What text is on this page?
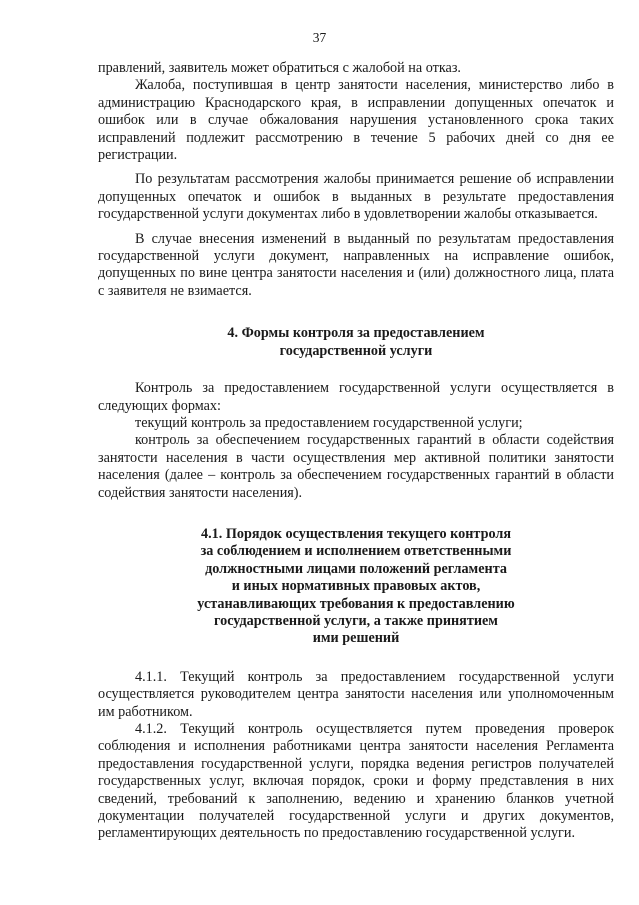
37

правлений, заявитель может обратиться с жалобой на отказ.

Жалоба, поступившая в центр занятости населения, министерство либо в администрацию Краснодарского края, в исправлении допущенных опечаток и ошибок или в случае обжалования нарушения установленного срока таких исправлений подлежит рассмотрению в течение 5 рабочих дней со дня ее регистрации.

По результатам рассмотрения жалобы принимается решение об исправлении допущенных опечаток и ошибок в выданных в результате предоставления государственной услуги документах либо в удовлетворении жалобы отказывается.

В случае внесения изменений в выданный по результатам предоставления государственной услуги документ, направленных на исправление ошибок, допущенных по вине центра занятости населения и (или) должностного лица, плата с заявителя не взимается.

4. Формы контроля за предоставлением
государственной услуги

Контроль за предоставлением государственной услуги осуществляется в следующих формах:

текущий контроль за предоставлением государственной услуги;

контроль за обеспечением государственных гарантий в области содействия занятости населения в части осуществления мер активной политики занятости населения (далее – контроль за обеспечением государственных гарантий в области содействия занятости населения).

4.1. Порядок осуществления текущего контроля
за соблюдением и исполнением ответственными
должностными лицами положений регламента
и иных нормативных правовых актов,
устанавливающих требования к предоставлению
государственной услуги, а также принятием
ими решений

4.1.1. Текущий контроль за предоставлением государственной услуги осуществляется руководителем центра занятости населения или уполномоченным им работником.

4.1.2. Текущий контроль осуществляется путем проведения проверок соблюдения и исполнения работниками центра занятости населения Регламента предоставления государственной услуги, порядка ведения регистров получателей государственных услуг, включая порядок, сроки и форму представления в них сведений, требований к заполнению, ведению и хранению бланков учетной документации получателей государственной услуги и других документов, регламентирующих деятельность по предоставлению государственной услуги.
